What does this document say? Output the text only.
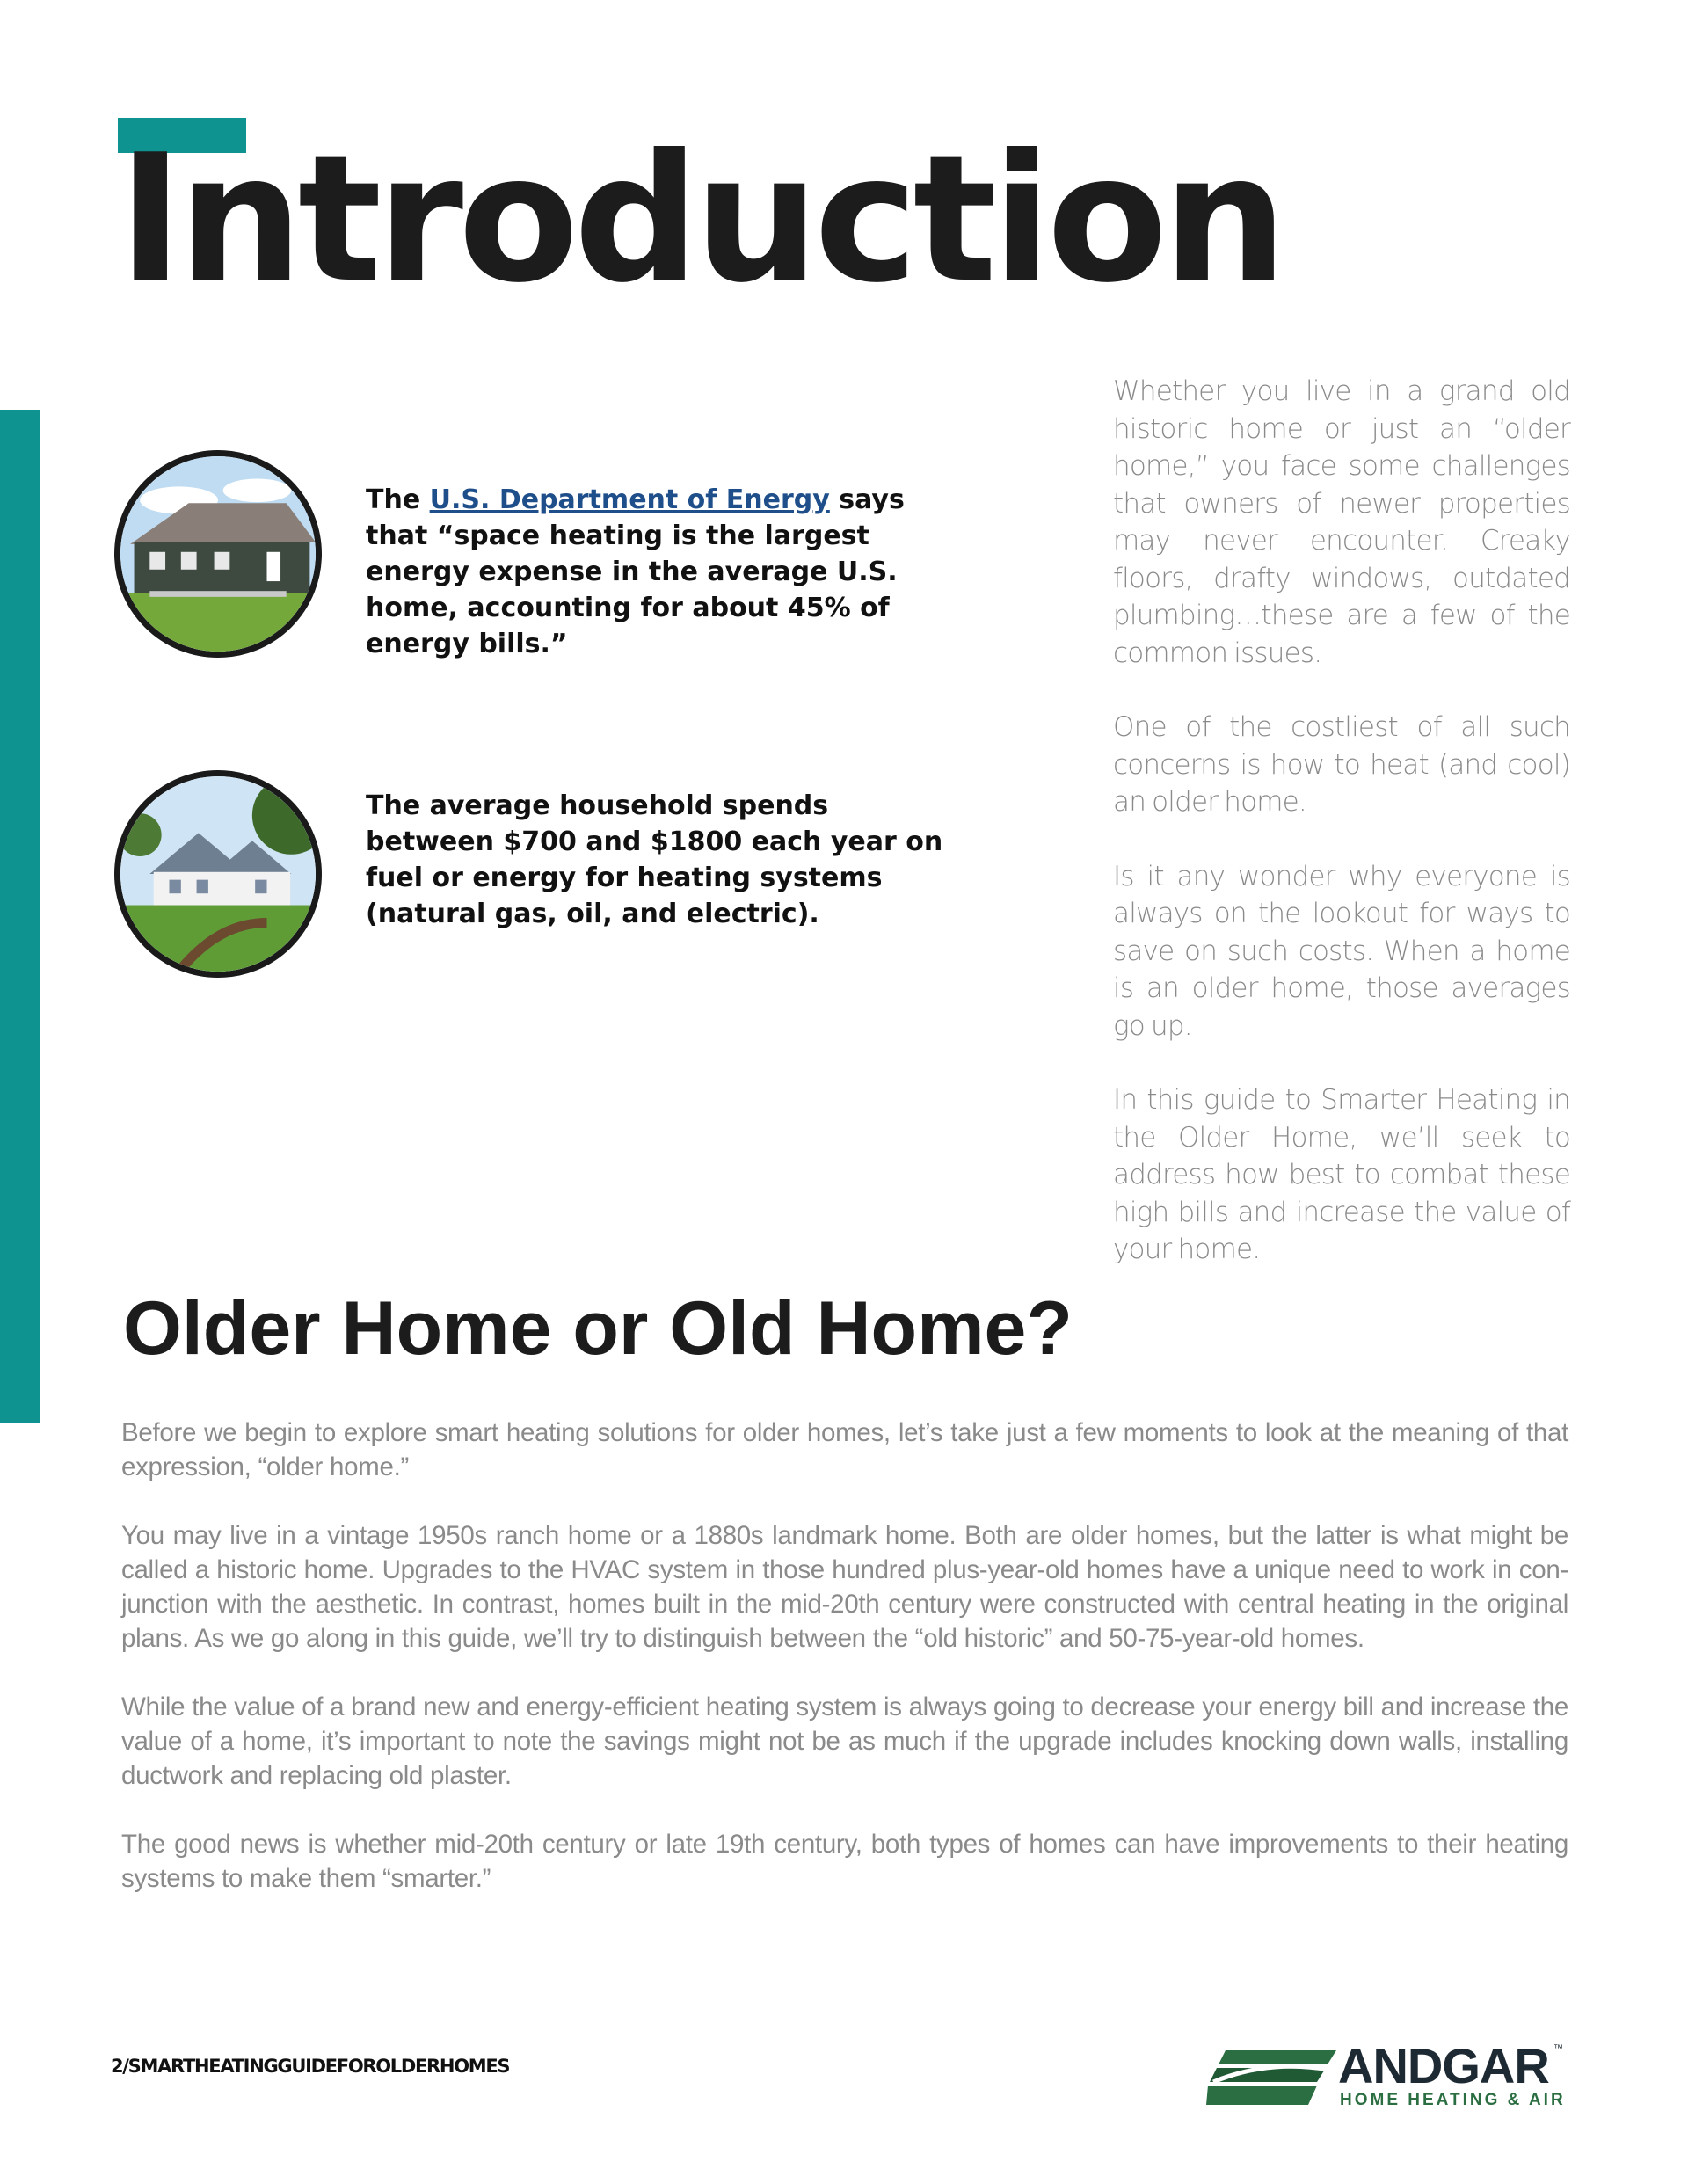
Introduction
The U.S. Department of Energy says that “space heating is the largest energy expense in the average U.S. home, accounting for about 45% of energy bills.”
The average household spends between $700 and $1800 each year on fuel or energy for heating systems (natural gas, oil, and electric).

Whether you live in a grand old historic home or just an “older home,” you face some challenges that owners of newer properties may never encounter. Creaky floors, drafty windows, outdated plumbing…these are a few of the common issues.

One of the costliest of all such concerns is how to heat (and cool) an older home.

Is it any wonder why everyone is always on the lookout for ways to save on such costs. When a home is an older home, those averages go up.

In this guide to Smarter Heating in the Older Home, we’ll seek to address how best to combat these high bills and increase the value of your home.

Older Home or Old Home?

Before we begin to explore smart heating solutions for older homes, let’s take just a few moments to look at the meaning of that expression, “older home.”

You may live in a vintage 1950s ranch home or a 1880s landmark home. Both are older homes, but the latter is what might be called a historic home. Upgrades to the HVAC system in those hundred plus-year-old homes have a unique need to work in con-junction with the aesthetic. In contrast, homes built in the mid-20th century were constructed with central heating in the original plans. As we go along in this guide, we’ll try to distinguish between the “old historic” and 50-75-year-old homes.

While the value of a brand new and energy-efficient heating system is always going to decrease your energy bill and increase the value of a home, it’s important to note the savings might not be as much if the upgrade includes knocking down walls, installing ductwork and replacing old plaster.

The good news is whether mid-20th century or late 19th century, both types of homes can have improvements to their heating systems to make them “smarter.”

2/SMARTHEATINGGUIDEFOROLDERHOMES	ANDGAR ™
HOME HEATING & AIR
